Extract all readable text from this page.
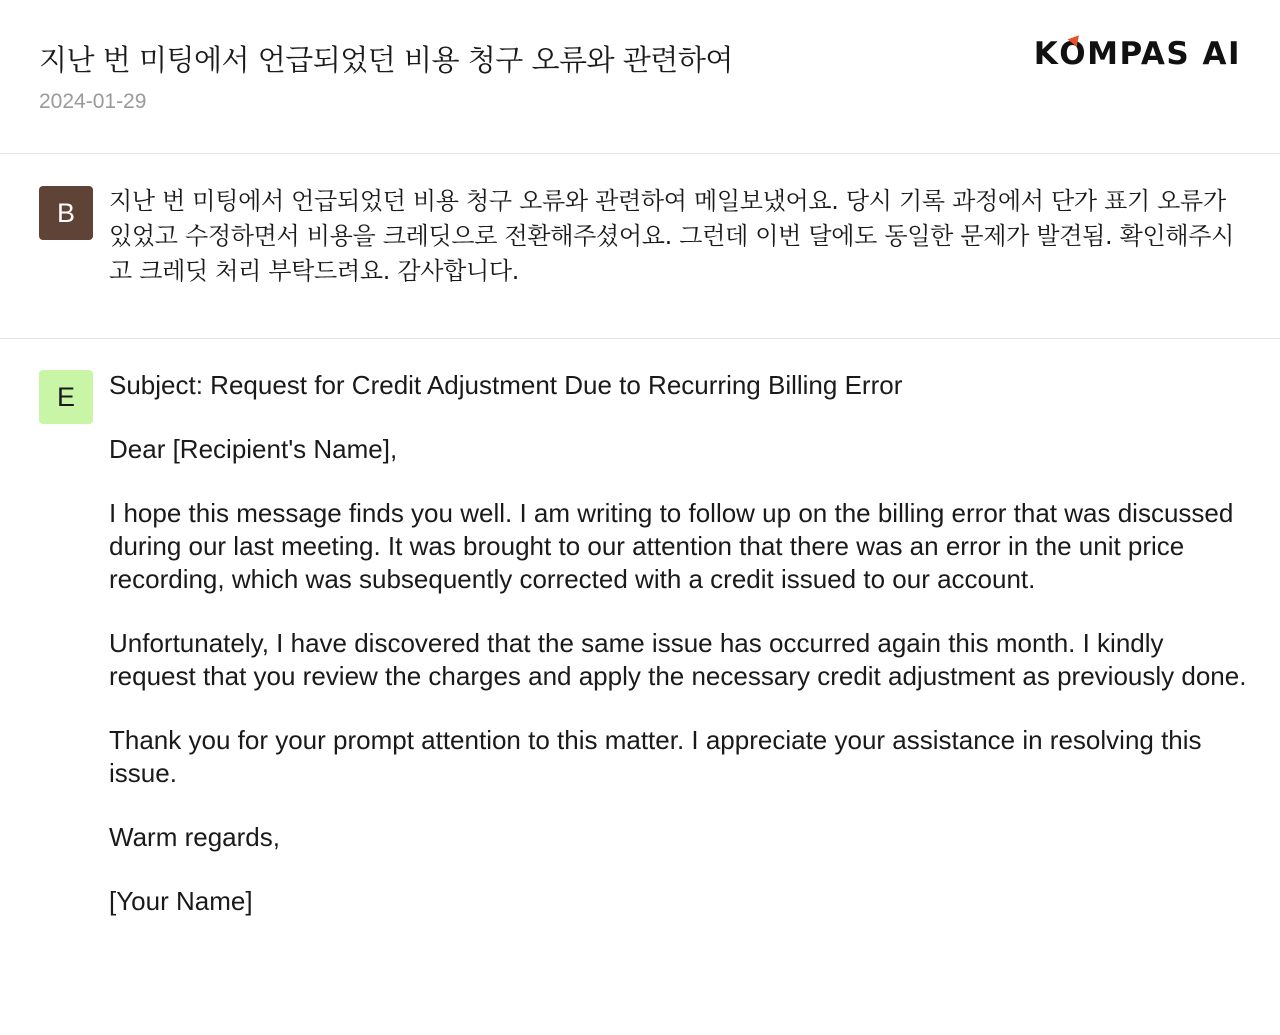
지난 번 미팅에서 언급되었던 비용 청구 오류와 관련하여
2024-01-29
KO
MPAS AI
B	지난 번 미팅에서 언급되었던 비용 청구 오류와 관련하여 메일보냈어요. 당시 기록 과정에서 단가 표기 오류가 있었고 수정하면서 비용을 크레딧으로 전환해주셨어요. 그런데 이번 달에도 동일한 문제가 발견됨. 확인해주시고 크레딧 처리 부탁드려요. 감사합니다.
E	Subject: Request for Credit Adjustment Due to Recurring Billing Error

Dear [Recipient's Name],

I hope this message finds you well. I am writing to follow up on the billing error that was discussed during our last meeting. It was brought to our attention that there was an error in the unit price recording, which was subsequently corrected with a credit issued to our account.

Unfortunately, I have discovered that the same issue has occurred again this month. I kindly request that you review the charges and apply the necessary credit adjustment as previously done.

Thank you for your prompt attention to this matter. I appreciate your assistance in resolving this issue.

Warm regards,

[Your Name]
